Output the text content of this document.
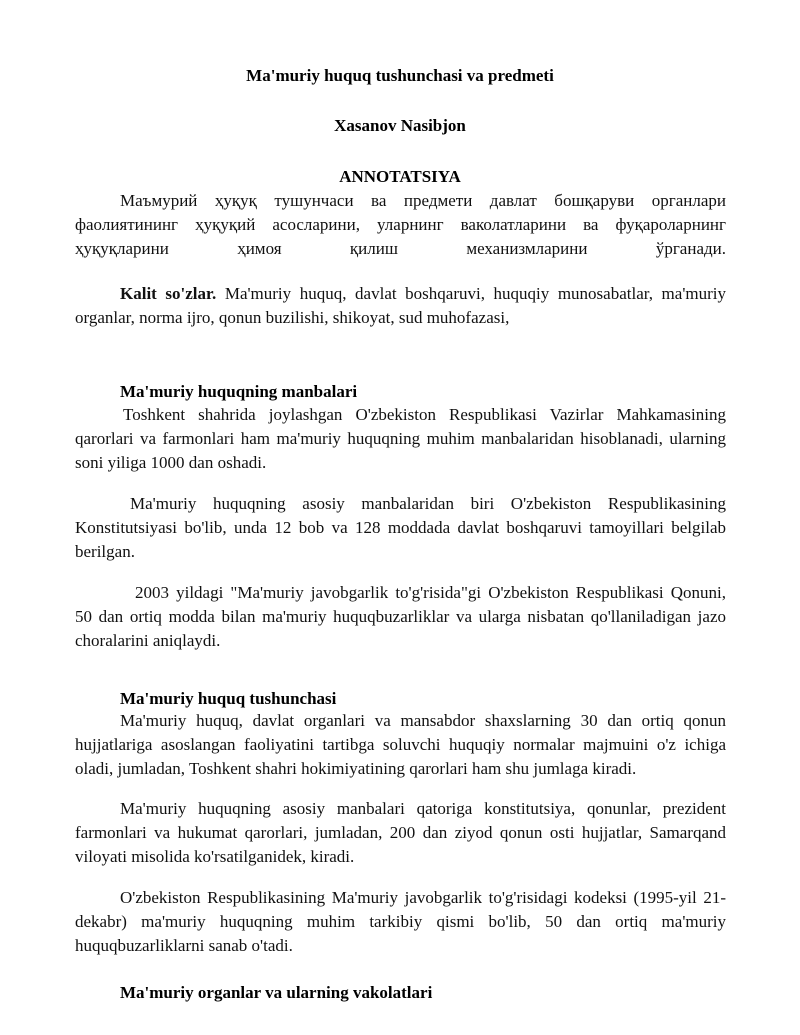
Ma'muriy huquq tushunchasi va predmeti
Xasanov Nasibjon
ANNOTATSIYA
Маъмурий ҳуқуқ тушунчаси ва предмети давлат бошқаруви органлари фаолиятининг ҳуқуқий асосларини, уларнинг ваколатларини ва фуқароларнинг ҳуқуқларини ҳимоя қилиш механизмларини ўрганади.
Kalit so'zlar. Ma'muriy huquq, davlat boshqaruvi, huquqiy munosabatlar, ma'muriy organlar, norma ijro, qonun buzilishi, shikoyat, sud muhofazasi,
Ma'muriy huquqning manbalari
Toshkent shahrida joylashgan O'zbekiston Respublikasi Vazirlar Mahkamasining qarorlari va farmonlari ham ma'muriy huquqning muhim manbalaridan hisoblanadi, ularning soni yiliga 1000 dan oshadi.
Ma'muriy huquqning asosiy manbalaridan biri O'zbekiston Respublikasining Konstitutsiyasi bo'lib, unda 12 bob va 128 moddada davlat boshqaruvi tamoyillari belgilab berilgan.
2003 yildagi "Ma'muriy javobgarlik to'g'risida"gi O'zbekiston Respublikasi Qonuni, 50 dan ortiq modda bilan ma'muriy huquqbuzarliklar va ularga nisbatan qo'llaniladigan jazo choralarini aniqlaydi.
Ma'muriy huquq tushunchasi
Ma'muriy huquq, davlat organlari va mansabdor shaxslarning 30 dan ortiq qonun hujjatlariga asoslangan faoliyatini tartibga soluvchi huquqiy normalar majmuini o'z ichiga oladi, jumladan, Toshkent shahri hokimiyatining qarorlari ham shu jumlaga kiradi.
Ma'muriy huquqning asosiy manbalari qatoriga konstitutsiya, qonunlar, prezident farmonlari va hukumat qarorlari, jumladan, 200 dan ziyod qonun osti hujjatlar, Samarqand viloyati misolida ko'rsatilganidek, kiradi.
O'zbekiston Respublikasining Ma'muriy javobgarlik to'g'risidagi kodeksi (1995-yil 21-dekabr) ma'muriy huquqning muhim tarkibiy qismi bo'lib, 50 dan ortiq ma'muriy huquqbuzarliklarni sanab o'tadi.
Ma'muriy organlar va ularning vakolatlari
